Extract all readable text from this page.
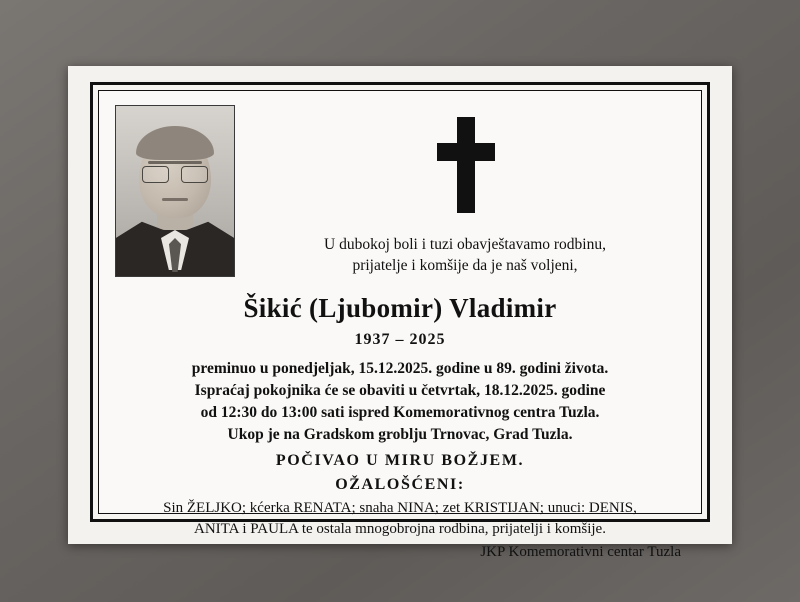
U dubokoj boli i tuzi obavještavamo rodbinu,
prijatelje i komšije da je naš voljeni,
Šikić (Ljubomir) Vladimir
1937 – 2025
preminuo u ponedjeljak, 15.12.2025. godine u 89. godini života.
Ispraćaj pokojnika će se obaviti u četvrtak, 18.12.2025. godine
od 12:30 do 13:00 sati ispred Komemorativnog centra Tuzla.
Ukop je na Gradskom groblju Trnovac, Grad Tuzla.
POČIVAO U MIRU BOŽJEM.
OŽALOŠĆENI:
Sin ŽELJKO; kćerka RENATA; snaha NINA; zet KRISTIJAN; unuci: DENIS,
ANITA i PAULA te ostala mnogobrojna rodbina, prijatelji i komšije.
JKP Komemorativni centar Tuzla
